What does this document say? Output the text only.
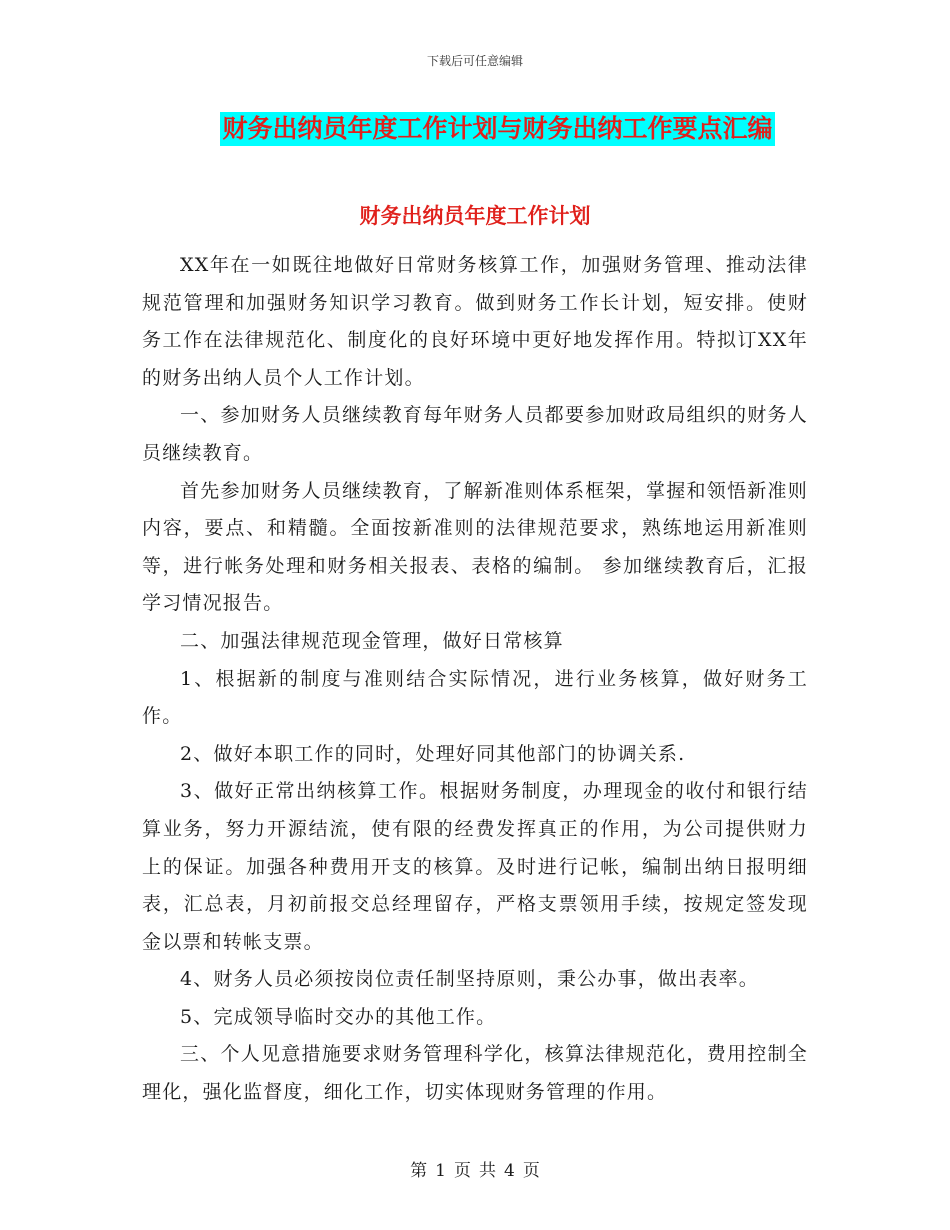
下载后可任意编辑
财务出纳员年度工作计划与财务出纳工作要点汇编
财务出纳员年度工作计划

XX年在一如既往地做好日常财务核算工作，加强财务管理、推动法律规范管理和加强财务知识学习教育。做到财务工作长计划，短安排。使财务工作在法律规范化、制度化的良好环境中更好地发挥作用。特拟订XX年的财务出纳人员个人工作计划。

一、参加财务人员继续教育每年财务人员都要参加财政局组织的财务人员继续教育。

首先参加财务人员继续教育，了解新准则体系框架，掌握和领悟新准则内容，要点、和精髓。全面按新准则的法律规范要求，熟练地运用新准则等，进行帐务处理和财务相关报表、表格的编制。 参加继续教育后，汇报学习情况报告。

二、加强法律规范现金管理，做好日常核算

1、根据新的制度与准则结合实际情况，进行业务核算，做好财务工作。

2、做好本职工作的同时，处理好同其他部门的协调关系.

3、做好正常出纳核算工作。根据财务制度，办理现金的收付和银行结算业务，努力开源结流，使有限的经费发挥真正的作用，为公司提供财力上的保证。加强各种费用开支的核算。及时进行记帐，编制出纳日报明细表，汇总表，月初前报交总经理留存，严格支票领用手续，按规定签发现金以票和转帐支票。

4、财务人员必须按岗位责任制坚持原则，秉公办事，做出表率。

5、完成领导临时交办的其他工作。

三、个人见意措施要求财务管理科学化，核算法律规范化，费用控制全理化，强化监督度，细化工作，切实体现财务管理的作用。

第 1 页 共 4 页
